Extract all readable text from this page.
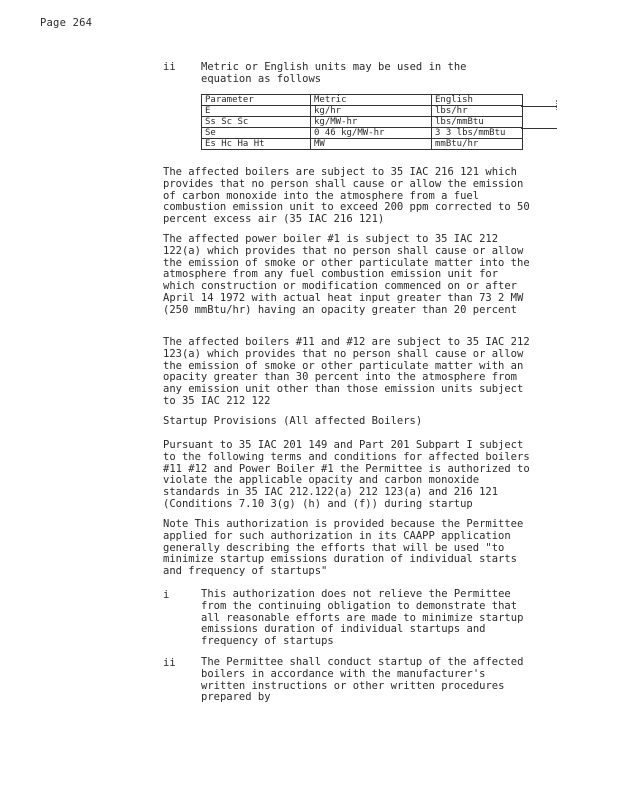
Page 264
ii Metric or English units may be used in the equation as follows
Parameter	Metric	English
E	kg/hr	lbs/hr
Ss Sc Sc	kg/MW-hr	lbs/mmBtu
Se	0 46 kg/MW-hr	3 3 lbs/mmBtu
Es Hc Ha Ht	MW	mmBtu/hr

The affected boilers are subject to 35 IAC 216 121 which provides that no person shall cause or allow the emission of carbon monoxide into the atmosphere from a fuel combustion emission unit to exceed 200 ppm corrected to 50 percent excess air (35 IAC 216 121)

The affected power boiler #1 is subject to 35 IAC 212 122(a) which provides that no person shall cause or allow the emission of smoke or other particulate matter into the atmosphere from any fuel combustion emission unit for which construction or modification commenced on or after April 14 1972 with actual heat input greater than 73 2 MW (250 mmBtu/hr) having an opacity greater than 20 percent

The affected boilers #11 and #12 are subject to 35 IAC 212 123(a) which provides that no person shall cause or allow the emission of smoke or other particulate matter with an opacity greater than 30 percent into the atmosphere from any emission unit other than those emission units subject to 35 IAC 212 122

Startup Provisions (All affected Boilers)

Pursuant to 35 IAC 201 149 and Part 201 Subpart I subject to the following terms and conditions for affected boilers #11 #12 and Power Boiler #1 the Permittee is authorized to violate the applicable opacity and carbon monoxide standards in 35 IAC 212.122(a) 212 123(a) and 216 121 (Conditions 7.10 3(g) (h) and (f)) during startup

Note This authorization is provided because the Permittee applied for such authorization in its CAAPP application generally describing the efforts that will be used "to minimize startup emissions duration of individual starts and frequency of startups"

i	This authorization does not relieve the Permittee from the continuing obligation to demonstrate that all reasonable efforts are made to minimize startup emissions duration of individual startups and frequency of startups

ii The Permittee shall conduct startup of the affected boilers in accordance with the manufacturer's written instructions or other written procedures prepared by
